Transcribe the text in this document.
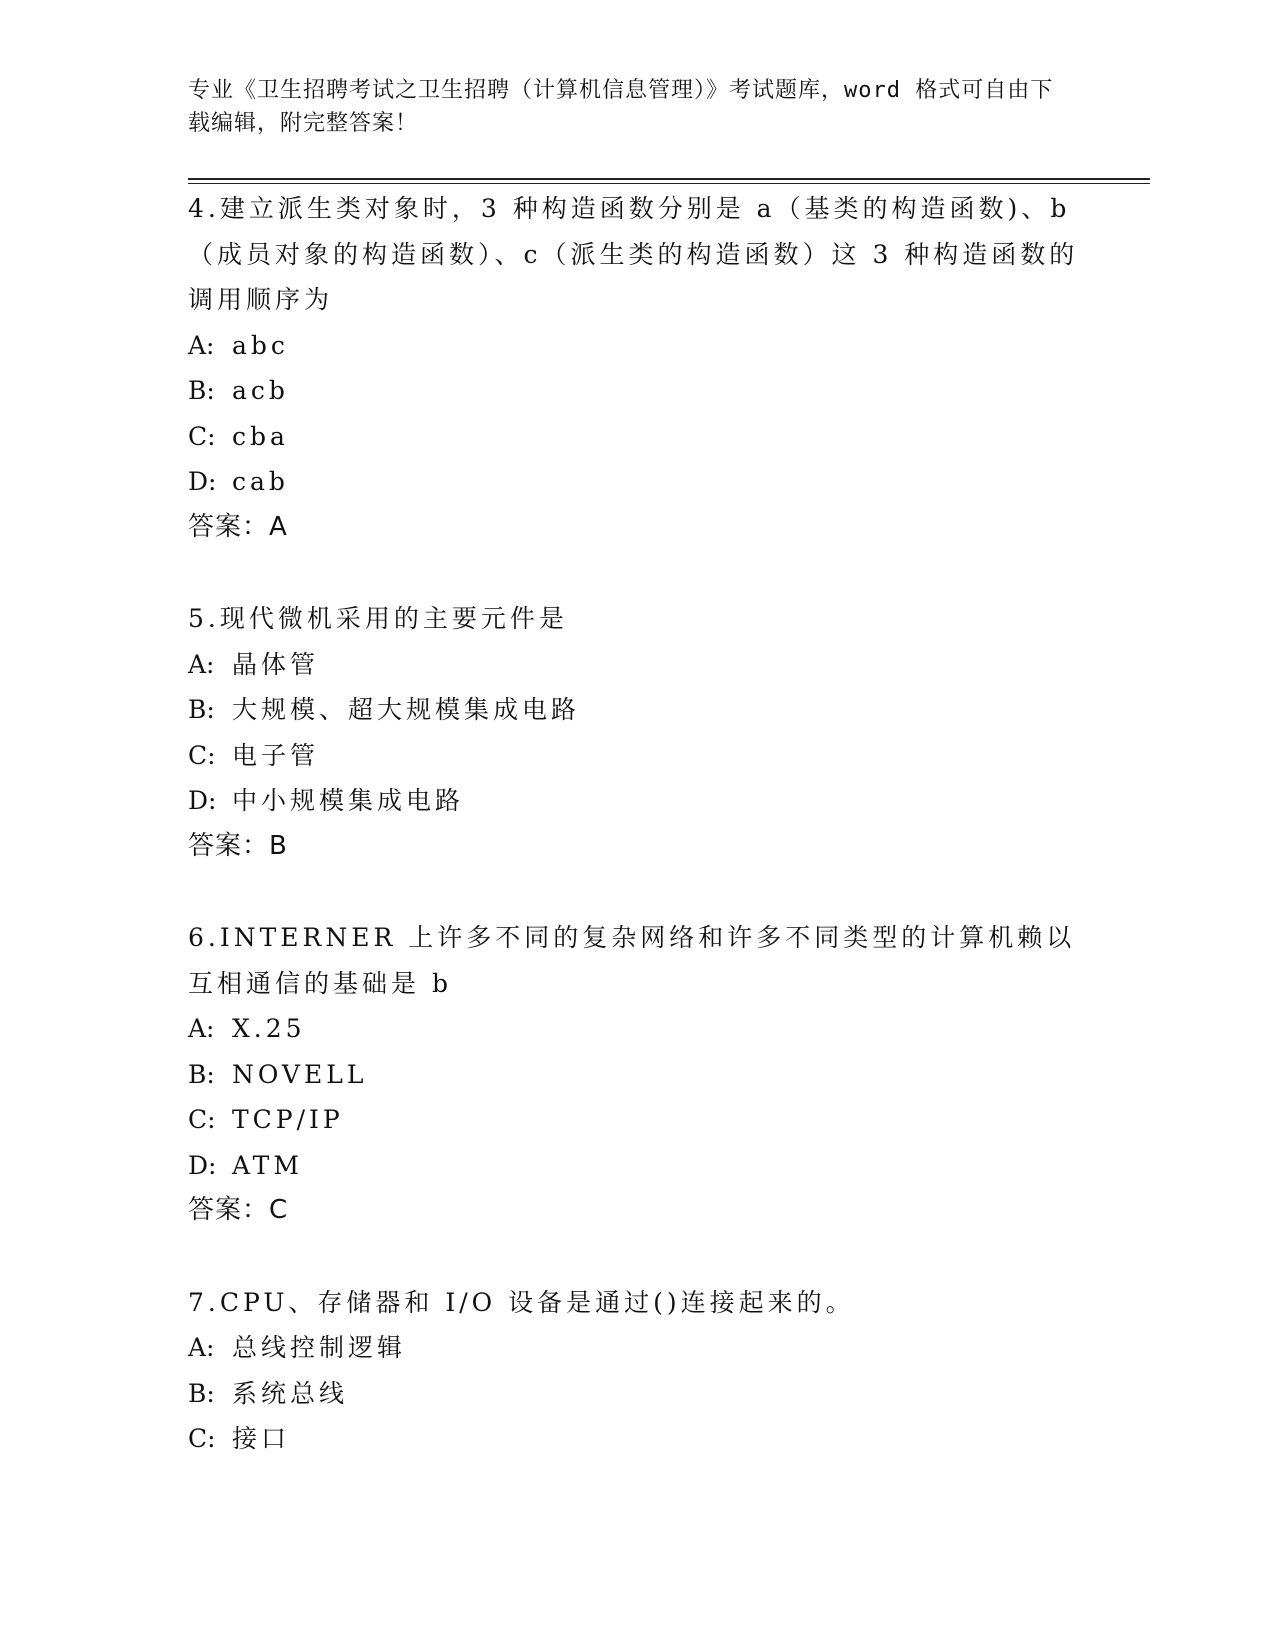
专业《卫生招聘考试之卫生招聘（计算机信息管理）》考试题库，word 格式可自由下载编辑，附完整答案！

4.建立派生类对象时，3 种构造函数分别是 a（基类的构造函数)、b（成员对象的构造函数）、c（派生类的构造函数）这 3 种构造函数的调用顺序为

A: abc

B: acb

C: cba

D: cab

答案：A

5.现代微机采用的主要元件是

A: 晶体管

B: 大规模、超大规模集成电路

C: 电子管

D: 中小规模集成电路

答案：B

6.INTERNER 上许多不同的复杂网络和许多不同类型的计算机赖以互相通信的基础是 b

A: X.25

B: NOVELL

C: TCP/IP

D: ATM

答案：C

7.CPU、存储器和 I/O 设备是通过()连接起来的。

A: 总线控制逻辑

B: 系统总线

C: 接口
